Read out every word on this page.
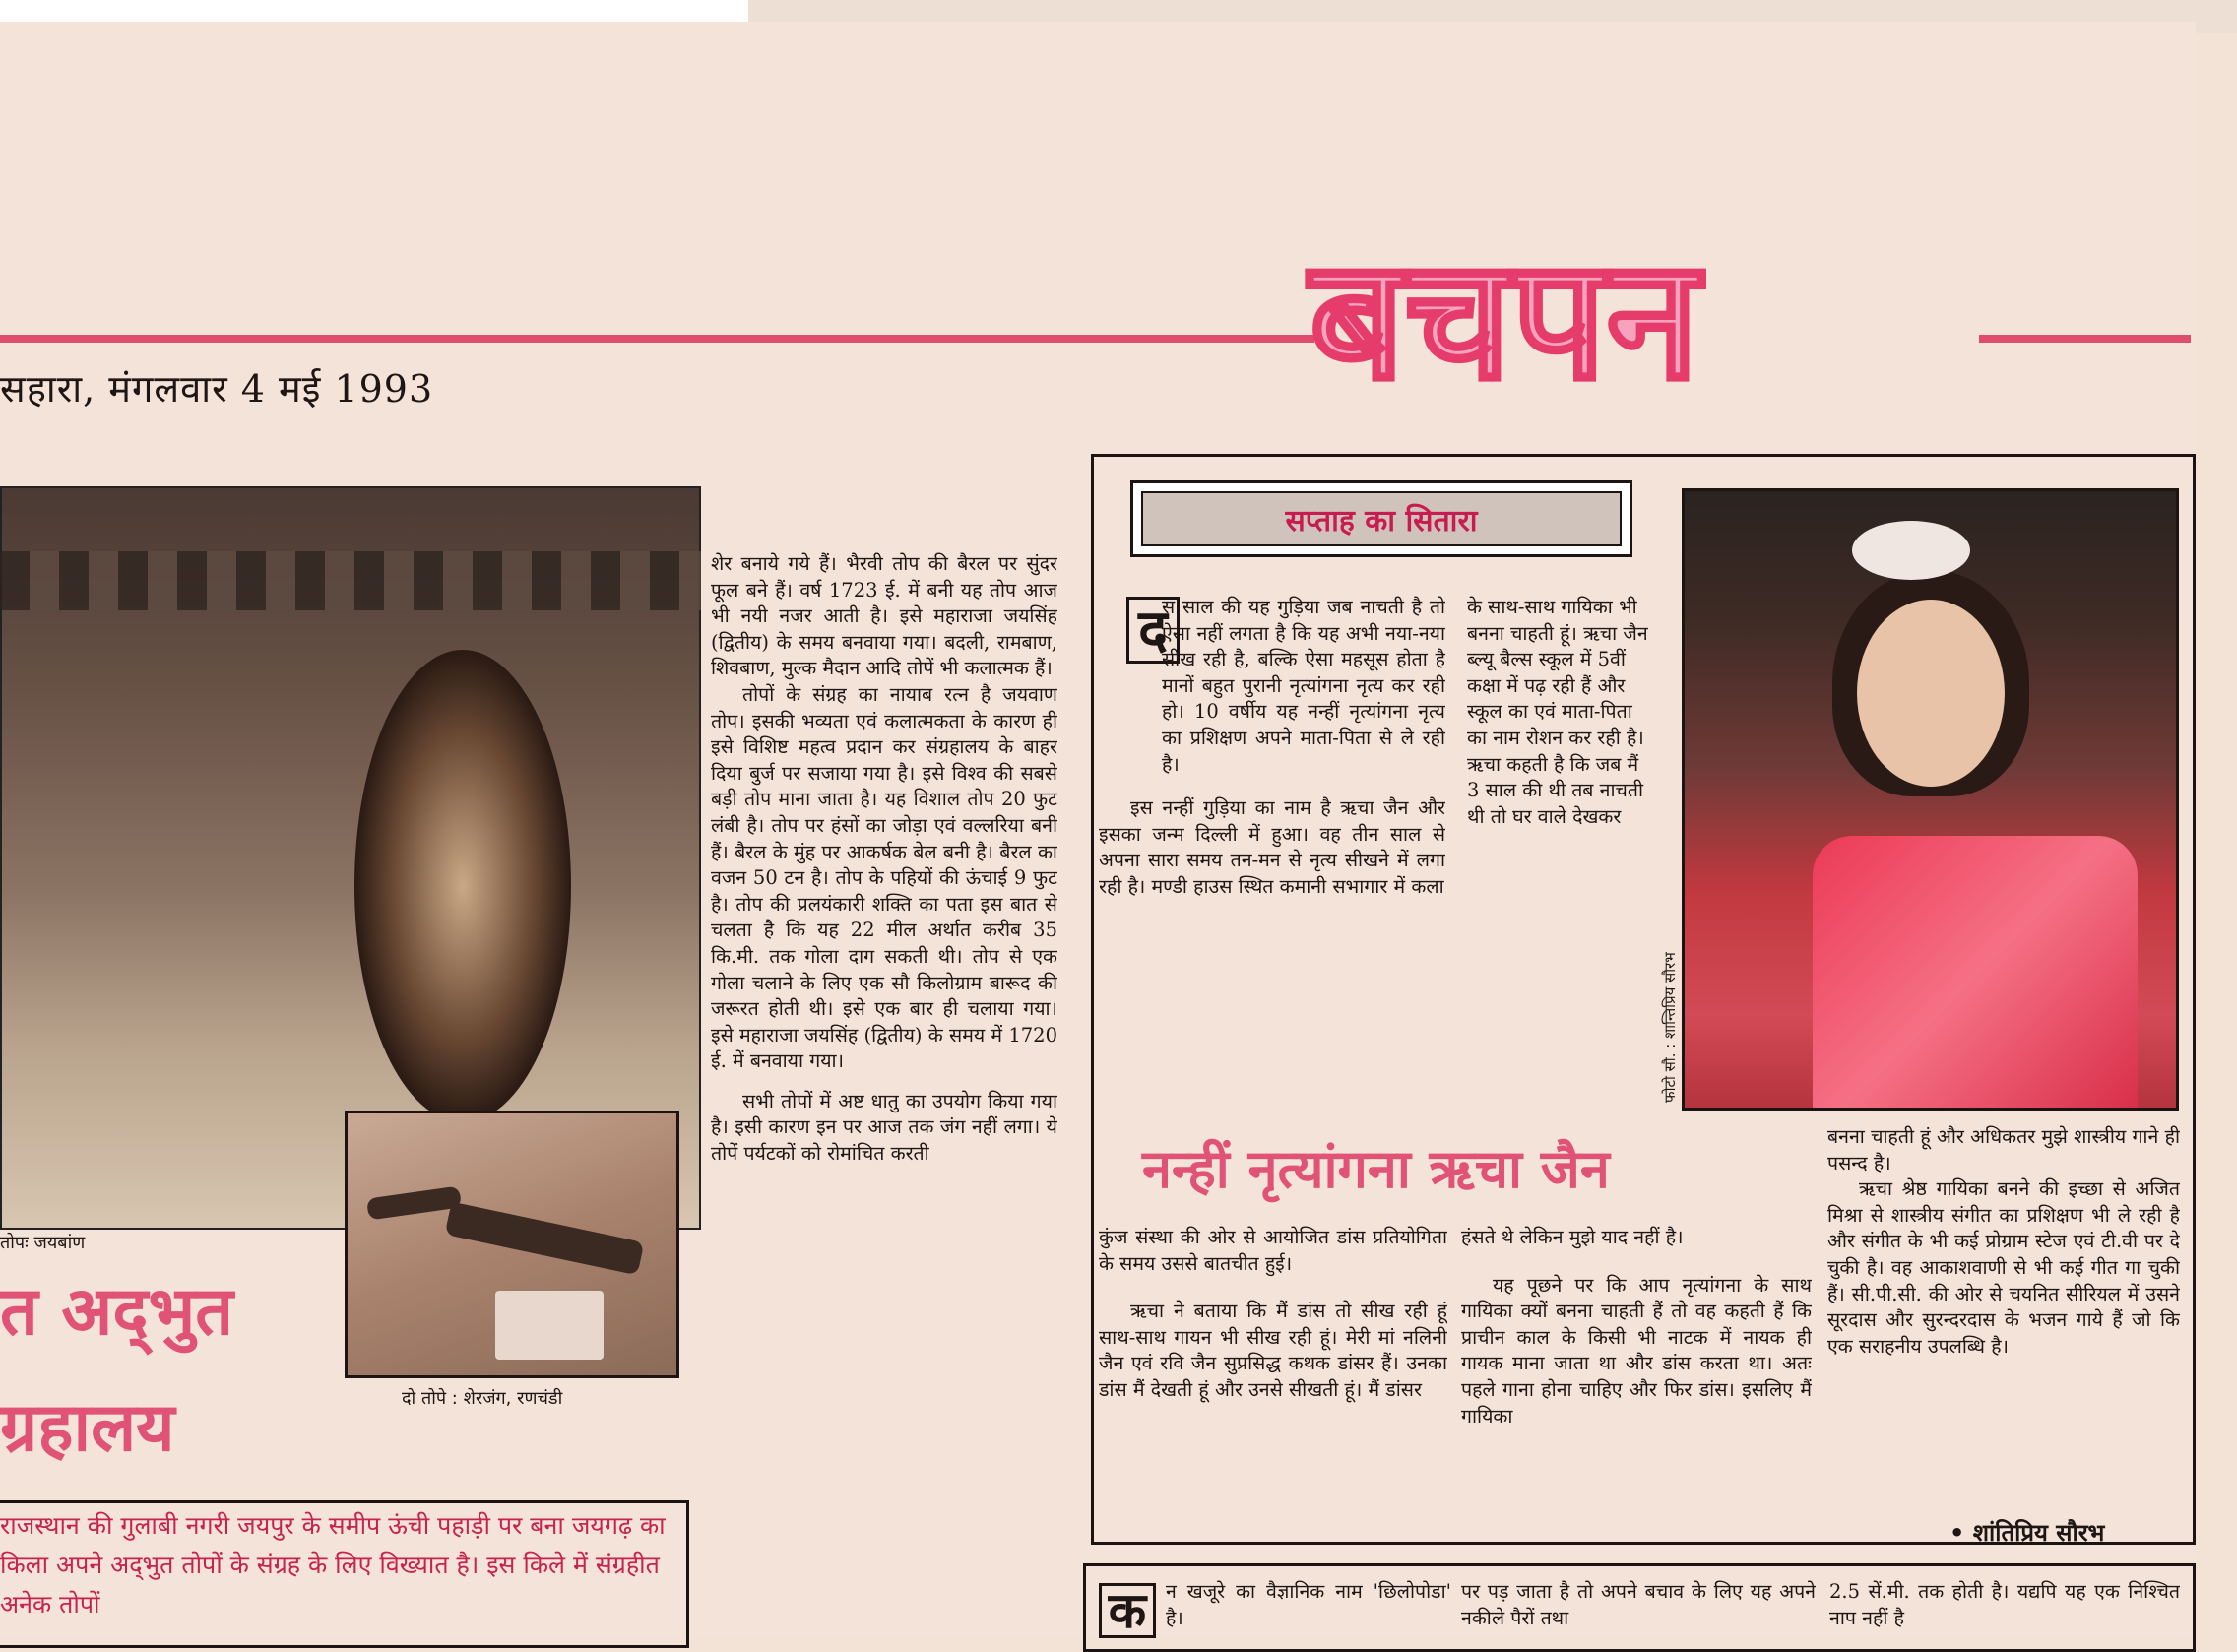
सहारा, मंगलवार 4 मई 1993	बचपन
तोपः जयबांण
दो तोपे : शेरजंग, रणचंडी
त अद्‌भुत
ग्रहालय

शेर बनाये गये हैं। भैरवी तोप की बैरल पर सुंदर फूल बने हैं। वर्ष 1723 ई. में बनी यह तोप आज भी नयी नजर आती है। इसे महाराजा जयसिंह (द्वितीय) के समय बनवाया गया। बदली, रामबाण, शिवबाण, मुल्क मैदान आदि तोपें भी कलात्मक हैं।

तोपों के संग्रह का नायाब रत्न है जयवाण तोप। इसकी भव्यता एवं कलात्मकता के कारण ही इसे विशिष्ट महत्व प्रदान कर संग्रहालय के बाहर दिया बुर्ज पर सजाया गया है। इसे विश्व की सबसे बड़ी तोप माना जाता है। यह विशाल तोप 20 फुट लंबी है। तोप पर हंसों का जोड़ा एवं वल्लरिया बनी हैं। बैरल के मुंह पर आकर्षक बेल बनी है। बैरल का वजन 50 टन है। तोप के पहियों की ऊंचाई 9 फुट है। तोप की प्रलयंकारी शक्ति का पता इस बात से चलता है कि यह 22 मील अर्थात करीब 35 कि.मी. तक गोला दाग सकती थी। तोप से एक गोला चलाने के लिए एक सौ किलोग्राम बारूद की जरूरत होती थी। इसे एक बार ही चलाया गया। इसे महाराजा जयसिंह (द्वितीय) के समय में 1720 ई. में बनवाया गया।

सभी तोपों में अष्ट धातु का उपयोग किया गया है। इसी कारण इन पर आज तक जंग नहीं लगा। ये तोपें पर्यटकों को रोमांचित करती

राजस्थान की गुलाबी नगरी जयपुर के समीप ऊंची पहाड़ी पर बना जयगढ़ का किला अपने अद्‌भुत तोपों के संग्रह के लिए विख्यात है। इस किले में संग्रहीत अनेक तोपों
सप्ताह का सितारा
द

स साल की यह गुड़िया जब नाचती है तो ऐसा नहीं लगता है कि यह अभी नया-नया सीख रही है, बल्कि ऐसा महसूस होता है मानों बहुत पुरानी नृत्यांगना नृत्य कर रही हो। 10 वर्षीय यह नन्हीं नृत्यांगना नृत्य का प्रशिक्षण अपने माता-पिता से ले रही है।

इस नन्हीं गुड़िया का नाम है ऋचा जैन और इसका जन्म दिल्ली में हुआ। वह तीन साल से अपना सारा समय तन-मन से नृत्य सीखने में लगा रही है। मण्डी हाउस स्थित कमानी सभागार में कला

के साथ-साथ गायिका भी बनना चाहती हूं। ऋचा जैन ब्ल्यू बैल्स स्कूल में 5वीं कक्षा में पढ़ रही हैं और स्कूल का एवं माता-पिता का नाम रोशन कर रही है। ऋचा कहती है कि जब मैं 3 साल की थी तब नाचती थी तो घर वाले देखकर
फोटो सौ. : शान्तिप्रिय सौरभ
नन्हीं नृत्यांगना ऋचा जैन

कुंज संस्था की ओर से आयोजित डांस प्रतियोगिता के समय उससे बातचीत हुई।

ऋचा ने बताया कि मैं डांस तो सीख रही हूं साथ-साथ गायन भी सीख रही हूं। मेरी मां नलिनी जैन एवं रवि जैन सुप्रसिद्ध कथक डांसर हैं। उनका डांस मैं देखती हूं और उनसे सीखती हूं। मैं डांसर

हंसते थे लेकिन मुझे याद नहीं है।

यह पूछने पर कि आप नृत्यांगना के साथ गायिका क्यों बनना चाहती हैं तो वह कहती हैं कि प्राचीन काल के किसी भी नाटक में नायक ही गायक माना जाता था और डांस करता था। अतः पहले गाना होना चाहिए और फिर डांस। इसलिए मैं गायिका

बनना चाहती हूं और अधिकतर मुझे शास्त्रीय गाने ही पसन्द है।

ऋचा श्रेष्ठ गायिका बनने की इच्छा से अजित मिश्रा से शास्त्रीय संगीत का प्रशिक्षण भी ले रही है और संगीत के भी कई प्रोग्राम स्टेज एवं टी.वी पर दे चुकी है। वह आकाशवाणी से भी कई गीत गा चुकी हैं। सी.पी.सी. की ओर से चयनित सीरियल में उसने सूरदास और सुरन्दरदास के भजन गाये हैं जो कि एक सराहनीय उपलब्धि है।

• शांतिप्रिय सौरभ
क	न खजूरे का वैज्ञानिक नाम 'छिलोपोडा' है।
पर पड़ जाता है तो अपने बचाव के लिए यह अपने नकीले पैरों तथा
2.5 सें.मी. तक होती है। यद्यपि यह एक निश्चित नाप नहीं है
